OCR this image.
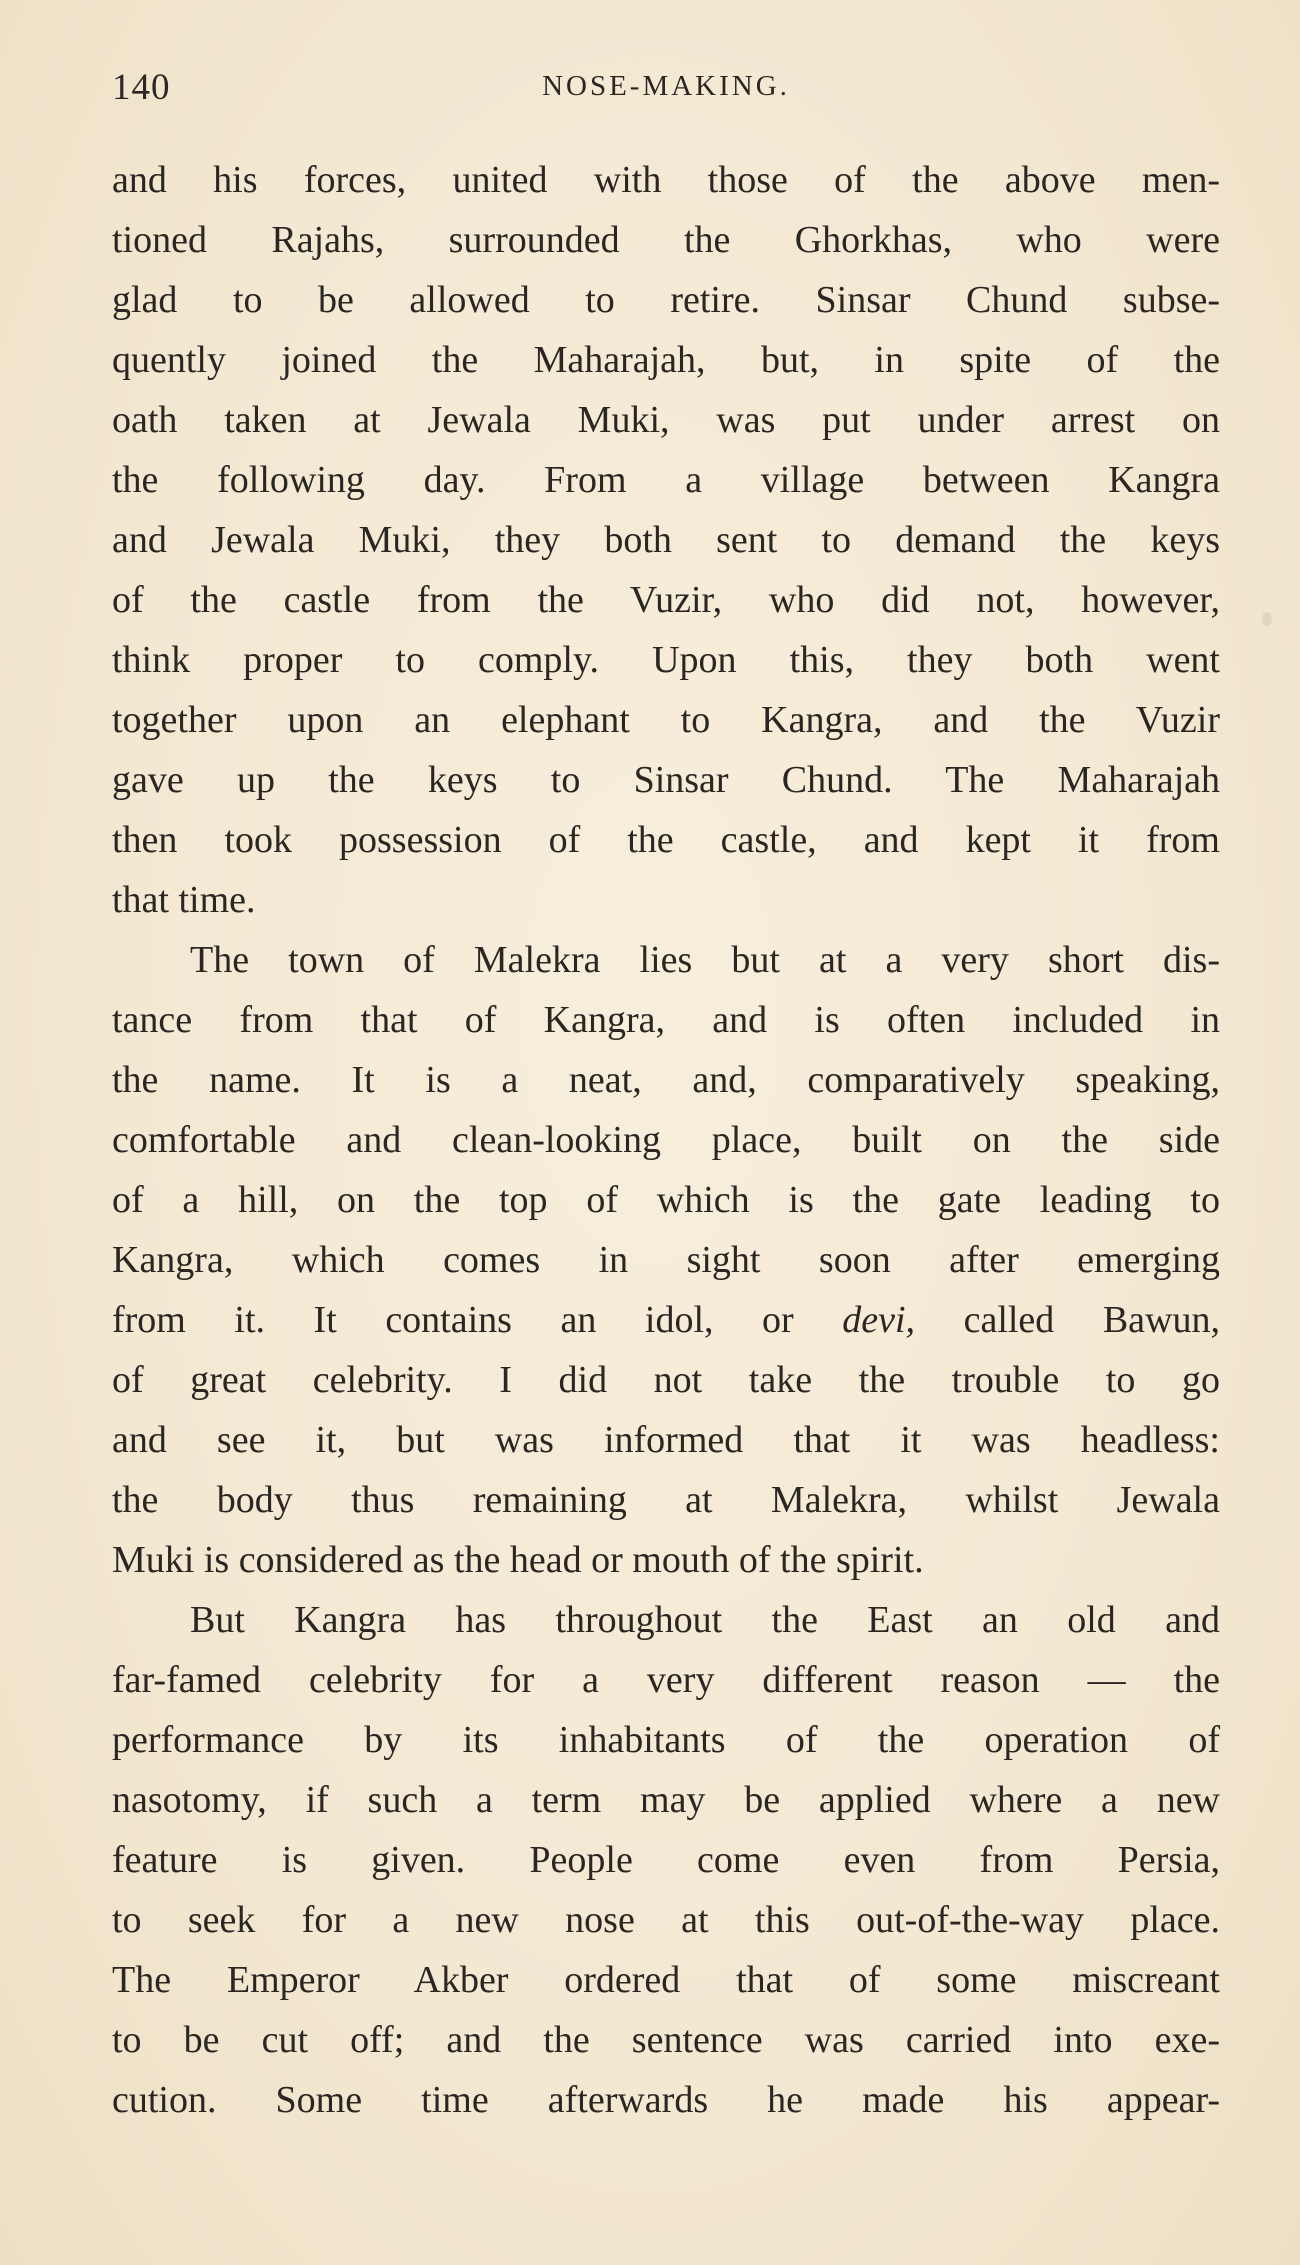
140	NOSE-MAKING.
and his forces, united with those of the above men-
tioned Rajahs, surrounded the Ghorkhas, who were
glad to be allowed to retire. Sinsar Chund subse-
quently joined the Maharajah, but, in spite of the
oath taken at Jewala Muki, was put under arrest on
the following day. From a village between Kangra
and Jewala Muki, they both sent to demand the keys
of the castle from the Vuzir, who did not, however,
think proper to comply. Upon this, they both went
together upon an elephant to Kangra, and the Vuzir
gave up the keys to Sinsar Chund. The Maharajah
then took possession of the castle, and kept it from
that time.
The town of Malekra lies but at a very short dis-
tance from that of Kangra, and is often included in
the name. It is a neat, and, comparatively speaking,
comfortable and clean-looking place, built on the side
of a hill, on the top of which is the gate leading to
Kangra, which comes in sight soon after emerging
from it. It contains an idol, or devi, called Bawun,
of great celebrity. I did not take the trouble to go
and see it, but was informed that it was headless:
the body thus remaining at Malekra, whilst Jewala
Muki is considered as the head or mouth of the spirit.
But Kangra has throughout the East an old and
far-famed celebrity for a very different reason — the
performance by its inhabitants of the operation of
nasotomy, if such a term may be applied where a new
feature is given. People come even from Persia,
to seek for a new nose at this out-of-the-way place.
The Emperor Akber ordered that of some miscreant
to be cut off; and the sentence was carried into exe-
cution. Some time afterwards he made his appear-
